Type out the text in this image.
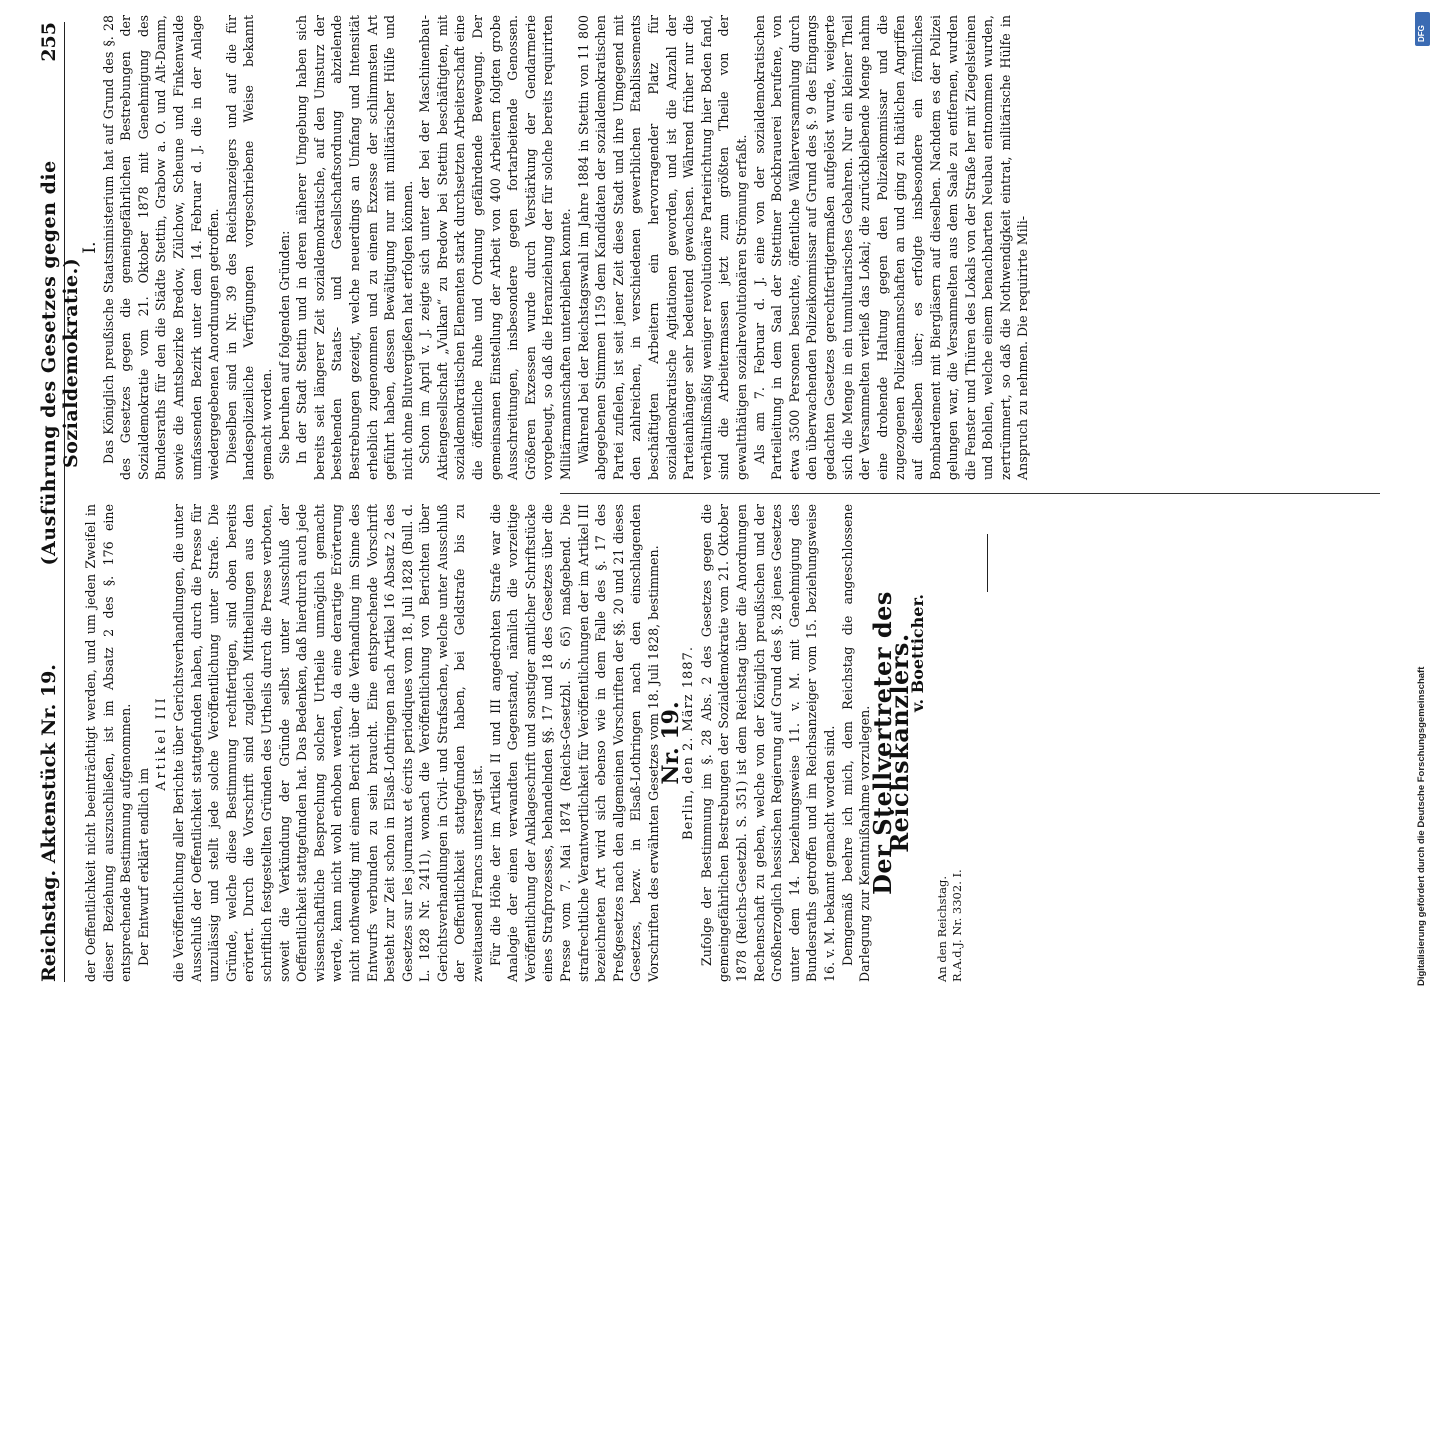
Reichstag. Aktenstück Nr. 19.
(Ausführung des Gesetzes gegen die Sozialdemokratie.)
255

der Oeffentlichkeit nicht beeinträchtigt werden, und um jeden Zweifel in dieser Beziehung auszuschließen, ist im Absatz 2 des §. 176 eine entsprechende Bestimmung aufgenommen. Der Entwurf erklärt endlich im

Artikel III die Veröffentlichung aller Berichte über Gerichtsverhandlungen, die unter Ausschluß der Oeffentlichkeit stattgefunden haben, durch die Presse für unzulässig und stellt jede solche Veröffentlichung unter Strafe. Die Gründe, welche diese Bestimmung rechtfertigen, sind oben bereits erörtert. Durch die Vorschrift sind zugleich Mittheilungen aus den schriftlich festgestellten Gründen des Urtheils durch die Presse verboten, soweit die Verkündung der Gründe selbst unter Ausschluß der Oeffentlichkeit stattgefunden hat. Das Bedenken, daß hierdurch auch jede wissenschaftliche Besprechung solcher Urtheile unmöglich gemacht werde, kann nicht wohl erhoben werden, da eine derartige Erörterung nicht nothwendig mit einem Bericht über die Verhandlung im Sinne des Entwurfs verbunden zu sein braucht. Eine entsprechende Vorschrift besteht zur Zeit schon in Elsaß-Lothringen nach Artikel 16 Absatz 2 des Gesetzes sur les journaux et écrits periodiques vom 18. Juli 1828 (Bull. d. L. 1828 Nr. 2411), wonach die Veröffentlichung von Berichten über Gerichtsverhandlungen in Civil- und Strafsachen, welche unter Ausschluß der Oeffentlichkeit stattgefunden haben, bei Geldstrafe bis zu zweitausend Francs untersagt ist. Für die Höhe der im Artikel II und III angedrohten Strafe war die Analogie der einen verwandten Gegenstand, nämlich die vorzeitige Veröffentlichung der Anklageschrift und sonstiger amtlicher Schriftstücke eines Strafprozesses, behandelnden §§. 17 und 18 des Gesetzes über die Presse vom 7. Mai 1874 (Reichs-Gesetzbl. S. 65) maßgebend. Die strafrechtliche Verantwortlichkeit für Veröffentlichungen der im Artikel III bezeichneten Art wird sich ebenso wie in dem Falle des §. 17 des Preßgesetzes nach den allgemeinen Vorschriften der §§. 20 und 21 dieses Gesetzes, bezw. in Elsaß-Lothringen nach den einschlagenden Vorschriften des erwähnten Gesetzes vom 18. Juli 1828, bestimmen.

Nr. 19.

Berlin, den 2. März 1887. Zufolge der Bestimmung im §. 28 Abs. 2 des Gesetzes gegen die gemeingefährlichen Bestrebungen der Sozialdemokratie vom 21. Oktober 1878 (Reichs-Gesetzbl. S. 351) ist dem Reichstag über die Anordnungen Rechenschaft zu geben, welche von der Königlich preußischen und der Großherzoglich hessischen Regierung auf Grund des §. 28 jenes Gesetzes unter dem 14. beziehungsweise 11. v. M. mit Genehmigung des Bundesraths getroffen und im Reichsanzeiger vom 15. beziehungsweise 16. v. M. bekannt gemacht worden sind. Demgemäß beehre ich mich, dem Reichstag die angeschlossene Darlegung zur Kenntnißnahme vorzulegen.

Der Stellvertreter des Reichskanzlers.

v. Boetticher.

An den Reichstag. R.A.d.J. Nr. 3302. I.

I. Das Königlich preußische Staatsministerium hat auf Grund des §. 28 des Gesetzes gegen die gemeingefährlichen Bestrebungen der Sozialdemokratie vom 21. Oktober 1878 mit Genehmigung des Bundesraths für den die Städte Stettin, Grabow a. O. und Alt-Damm, sowie die Amtsbezirke Bredow, Zülchow, Scheune und Finkenwalde umfassenden Bezirk unter dem 14. Februar d. J. die in der Anlage wiedergegebenen Anordnungen getroffen. Dieselben sind in Nr. 39 des Reichsanzeigers und auf die für landespolizeiliche Verfügungen vorgeschriebene Weise bekannt gemacht worden. Sie beruhen auf folgenden Gründen: In der Stadt Stettin und in deren näherer Umgebung haben sich bereits seit längerer Zeit sozialdemokratische, auf den Umsturz der bestehenden Staats- und Gesellschaftsordnung abzielende Bestrebungen gezeigt, welche neuerdings an Umfang und Intensität erheblich zugenommen und zu einem Exzesse der schlimmsten Art geführt haben, dessen Bewältigung nur mit militärischer Hülfe und nicht ohne Blutvergießen hat erfolgen können. Schon im April v. J. zeigte sich unter der bei der Maschinenbau-Aktiengesellschaft „Vulkan“ zu Bredow bei Stettin beschäftigten, mit sozialdemokratischen Elementen stark durchsetzten Arbeiterschaft eine die öffentliche Ruhe und Ordnung gefährdende Bewegung. Der gemeinsamen Einstellung der Arbeit von 400 Arbeitern folgten grobe Ausschreitungen, insbesondere gegen fortarbeitende Genossen. Größeren Exzessen wurde durch Verstärkung der Gendarmerie vorgebeugt, so daß die Heranziehung der für solche bereits requirirten Militärmannschaften unterbleiben konnte. Während bei der Reichstagswahl im Jahre 1884 in Stettin von 11 800 abgegebenen Stimmen 1159 dem Kandidaten der sozialdemokratischen Partei zufielen, ist seit jener Zeit diese Stadt und ihre Umgegend mit den zahlreichen, in verschiedenen gewerblichen Etablissements beschäftigten Arbeitern ein hervorragender Platz für sozialdemokratische Agitationen geworden, und ist die Anzahl der Parteianhänger sehr bedeutend gewachsen. Während früher nur die verhältnißmäßig weniger revolutionäre Parteirichtung hier Boden fand, sind die Arbeitermassen jetzt zum größten Theile von der gewaltthätigen sozialrevolutionären Strömung erfaßt. Als am 7. Februar d. J. eine von der sozialdemokratischen Parteileitung in dem Saal der Stettiner Bockbrauerei berufene, von etwa 3500 Personen besuchte, öffentliche Wählerversammlung durch den überwachenden Polizeikommissar auf Grund des §. 9 des Eingangs gedachten Gesetzes gerechtfertigtermaßen aufgelöst wurde, weigerte sich die Menge in ein tumultuarisches Gebahren. Nur ein kleiner Theil der Versammelten verließ das Lokal; die zurückbleibende Menge nahm eine drohende Haltung gegen den Polizeikommissar und die zugezogenen Polizeimannschaften an und ging zu thätlichen Angriffen auf dieselben über; es erfolgte insbesondere ein förmliches Bombardement mit Biergläsern auf dieselben. Nachdem es der Polizei gelungen war, die Versammelten aus dem Saale zu entfernen, wurden die Fenster und Thüren des Lokals von der Straße her mit Ziegelsteinen und Bohlen, welche einem benachbarten Neubau entnommen wurden, zertrümmert, so daß die Nothwendigkeit eintrat, militärische Hülfe in Anspruch zu nehmen. Die requirirte Mili-

Digitalisierung gefördert durch die Deutsche Forschungsgemeinschaft
DFG
